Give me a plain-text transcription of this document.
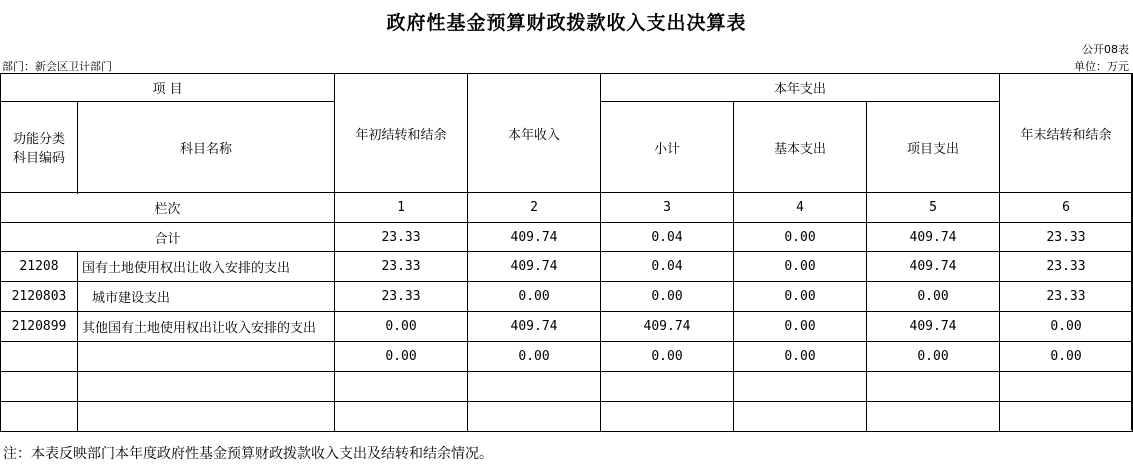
政府性基金预算财政拨款收入支出决算表
公开08表
部门：新会区卫计部门	单位：万元
项 目		年初结转和结余	本年收入	本年支出			年末结转和结余

功能分类
科目编码	科目名称			小计	基本支出	项目支出	

栏次		1	2	3	4	5	6
合计		23.33	409.74	0.04	0.00	409.74	23.33
21208	国有土地使用权出让收入安排的支出	23.33	409.74	0.04	0.00	409.74	23.33
2120803	城市建设支出	23.33	0.00	0.00	0.00	0.00	23.33
2120899	其他国有土地使用权出让收入安排的支出	0.00	409.74	409.74	0.00	409.74	0.00
		0.00	0.00	0.00	0.00	0.00	0.00

注：本表反映部门本年度政府性基金预算财政拨款收入支出及结转和结余情况。
